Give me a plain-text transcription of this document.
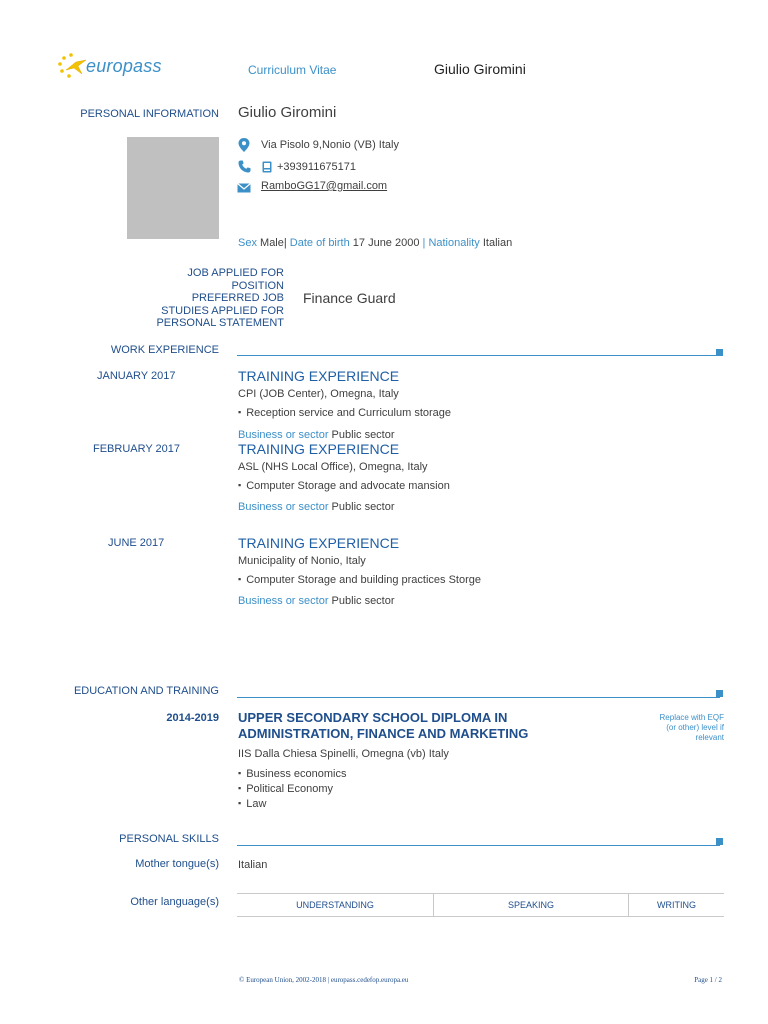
europass	Curriculum Vitae	Giulio Giromini
PERSONAL INFORMATION Giulio Giromini
Via Pisolo 9,Nonio (VB) Italy
+393911675171
RamboGG17@gmail.com
Sex Male| Date of birth 17 June 2000 | Nationality Italian
JOB APPLIED FOR
POSITION
PREFERRED JOB
STUDIES APPLIED FOR
PERSONAL STATEMENT
Finance Guard
WORK EXPERIENCE
JANUARY 2017	TRAINING EXPERIENCE
CPI (JOB Center), Omegna, Italy
▪ Reception service and Curriculum storage
Business or sector Public sector
FEBRUARY 2017	TRAINING EXPERIENCE
ASL (NHS Local Office), Omegna, Italy
▪ Computer Storage and advocate mansion
Business or sector Public sector
JUNE 2017	TRAINING EXPERIENCE
Municipality of Nonio, Italy
▪ Computer Storage and building practices Storge
Business or sector Public sector
EDUCATION AND TRAINING
2014-2019 UPPER SECONDARY SCHOOL DIPLOMA IN
ADMINISTRATION, FINANCE AND MARKETING
Replace with EQF
(or other) level if
relevant
IIS Dalla Chiesa Spinelli, Omegna (vb) Italy
▪ Business economics
▪ Political Economy
▪ Law
PERSONAL SKILLS
Mother tongue(s) Italian
Other language(s)	UNDERSTANDING	SPEAKING	WRITING
© European Union, 2002-2018 | europass.cedefop.europa.eu	Page 1 / 2
